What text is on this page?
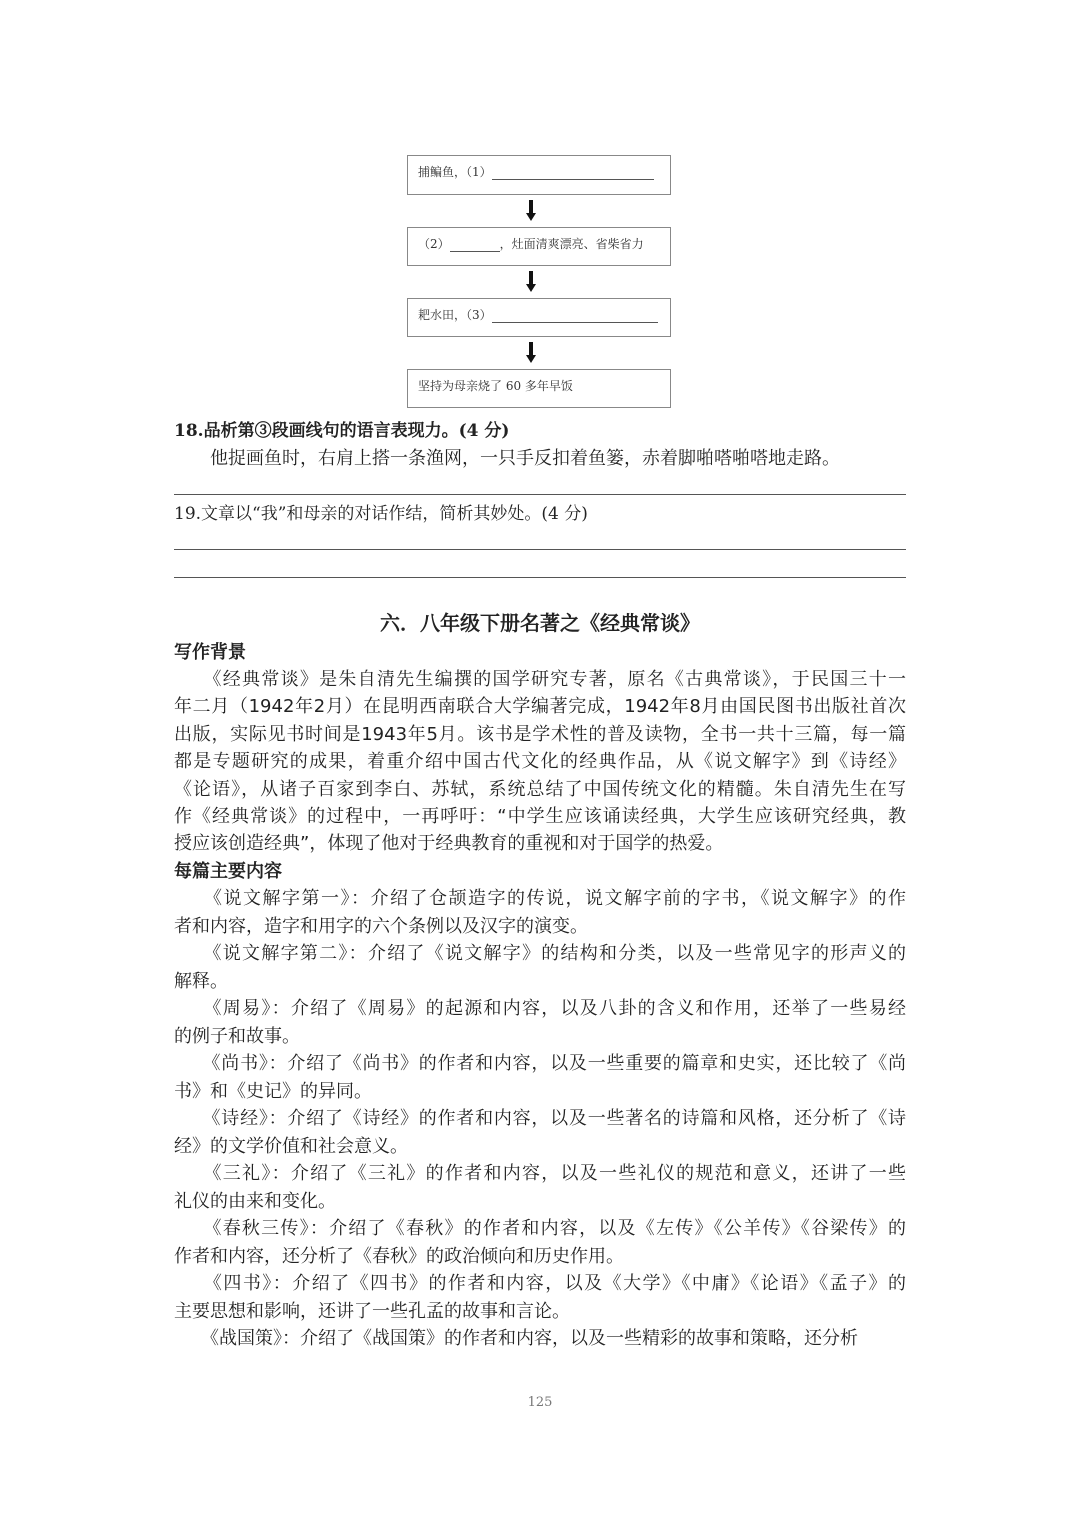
捕鳊鱼，（1）
（2）	，灶面清爽漂亮、省柴省力
耙水田，（3）
坚持为母亲烧了 60 多年早饭
18.品析第③段画线句的语言表现力。(4 分)
他捉画鱼时，右肩上搭一条渔网，一只手反扣着鱼篓，赤着脚啪嗒啪嗒地走路。
19.文章以“我”和母亲的对话作结，简析其妙处。(4 分)
六．八年级下册名著之《经典常谈》
写作背景
　　《经典常谈》是朱自清先生编撰的国学研究专著，原名《古典常谈》，于民国三十一
年二月（1942年2月）在昆明西南联合大学编著完成，1942年8月由国民图书出版社首次
出版，实际见书时间是1943年5月。该书是学术性的普及读物，全书一共十三篇，每一篇
都是专题研究的成果，着重介绍中国古代文化的经典作品，从《说文解字》到《诗经》
《论语》，从诸子百家到李白、苏轼，系统总结了中国传统文化的精髓。朱自清先生在写
作《经典常谈》的过程中，一再呼吁：“中学生应该诵读经典，大学生应该研究经典，教
授应该创造经典”，体现了他对于经典教育的重视和对于国学的热爱。
每篇主要内容
　　《说文解字第一》：介绍了仓颉造字的传说，说文解字前的字书，《说文解字》的作
者和内容，造字和用字的六个条例以及汉字的演变。
　　《说文解字第二》：介绍了《说文解字》的结构和分类，以及一些常见字的形声义的
解释。
　　《周易》：介绍了《周易》的起源和内容，以及八卦的含义和作用，还举了一些易经
的例子和故事。
　　《尚书》：介绍了《尚书》的作者和内容，以及一些重要的篇章和史实，还比较了《尚
书》和《史记》的异同。
　　《诗经》：介绍了《诗经》的作者和内容，以及一些著名的诗篇和风格，还分析了《诗
经》的文学价值和社会意义。
　　《三礼》：介绍了《三礼》的作者和内容，以及一些礼仪的规范和意义，还讲了一些
礼仪的由来和变化。
　　《春秋三传》：介绍了《春秋》的作者和内容，以及《左传》《公羊传》《谷梁传》的
作者和内容，还分析了《春秋》的政治倾向和历史作用。
　　《四书》：介绍了《四书》的作者和内容，以及《大学》《中庸》《论语》《孟子》的
主要思想和影响，还讲了一些孔孟的故事和言论。
　　《战国策》：介绍了《战国策》的作者和内容，以及一些精彩的故事和策略，还分析
125
